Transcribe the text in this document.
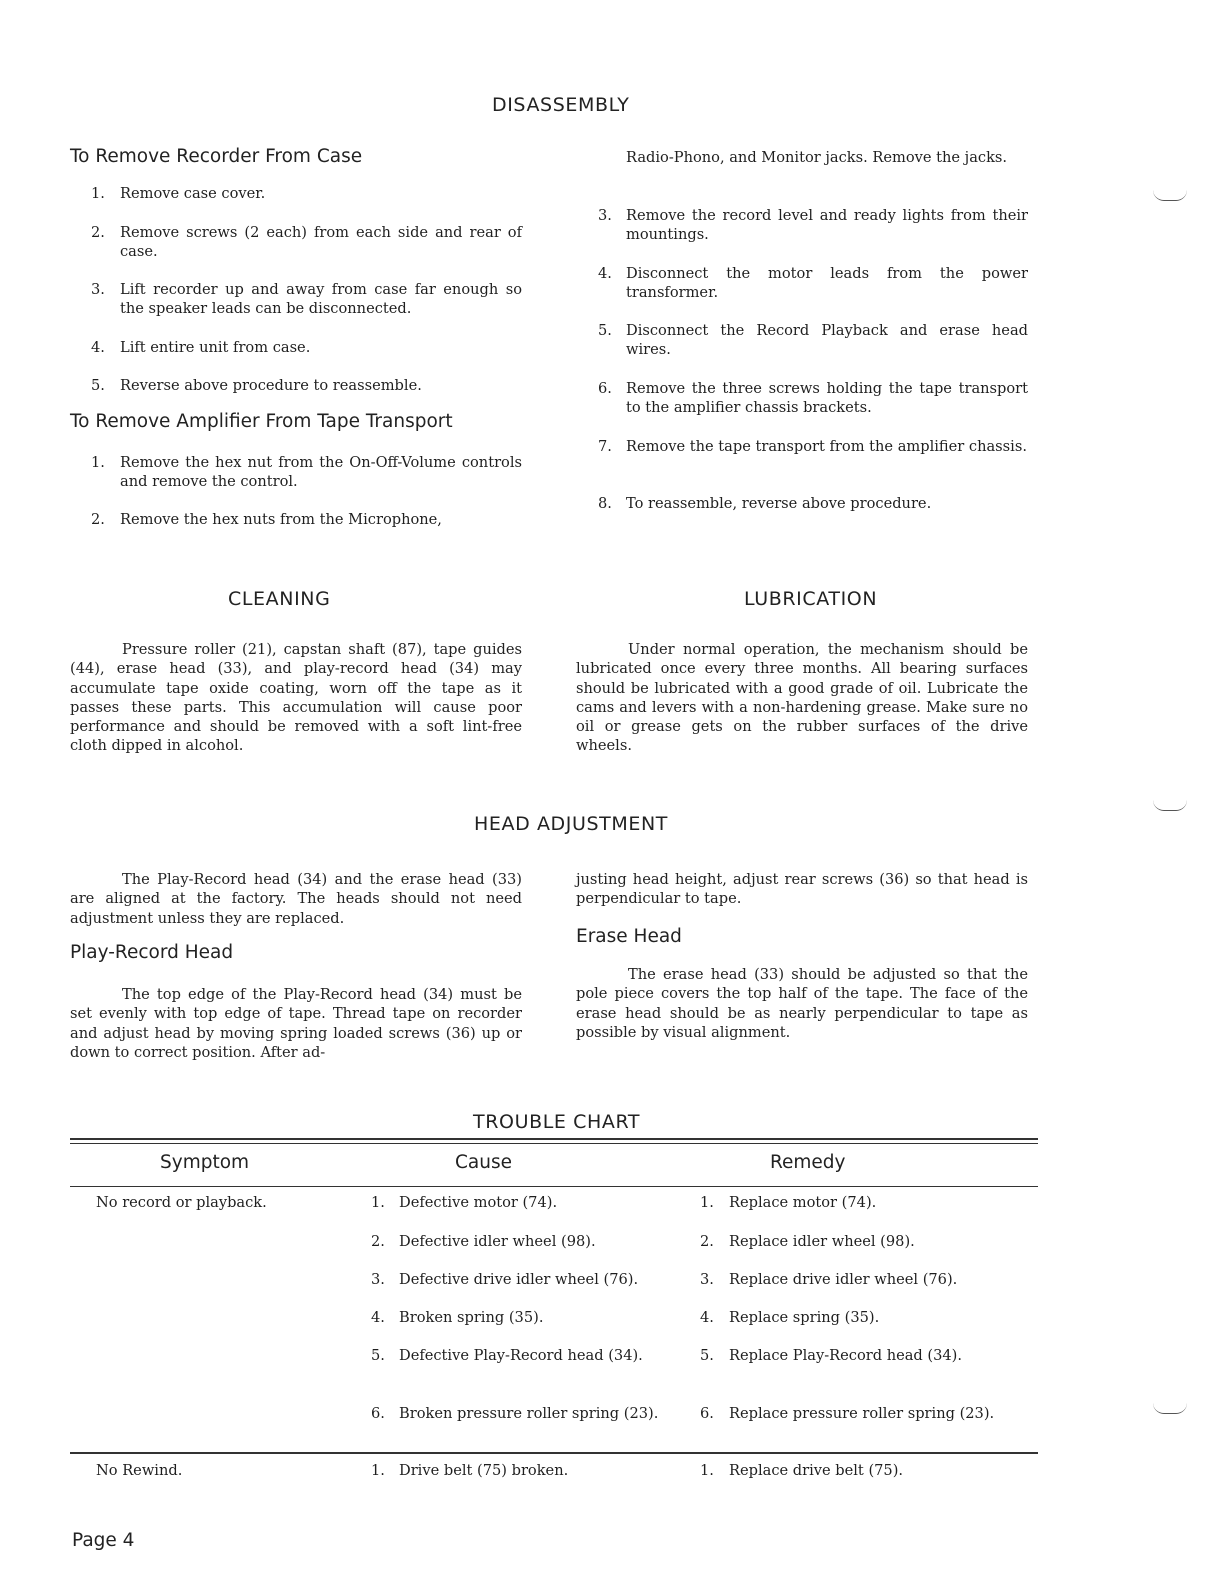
DISASSEMBLY
To Remove Recorder From Case
1.	Remove case cover.
2.	Remove screws (2 each) from each side and rear of case.
3.	Lift recorder up and away from case far enough so the speaker leads can be disconnected.
4.	Lift entire unit from case.
5.	Reverse above procedure to reassemble.
To Remove Amplifier From Tape Transport
1.	Remove the hex nut from the On-Off-Volume controls and remove the control.
2.	Remove the hex nuts from the Microphone,
Radio-Phono, and Monitor jacks. Remove the jacks.
3. Remove the record level and ready lights from their mountings.
4. Disconnect the motor leads from the power transformer.
5. Disconnect the Record Playback and erase head wires.
6. Remove the three screws holding the tape transport to the amplifier chassis brackets.
7. Remove the tape transport from the amplifier chassis.
8. To reassemble, reverse above procedure.
CLEANING
Pressure roller (21), capstan shaft (87), tape guides (44), erase head (33), and play-record head (34) may accumulate tape oxide coating, worn off the tape as it passes these parts. This accumulation will cause poor performance and should be removed with a soft lint-free cloth dipped in alcohol.
LUBRICATION
Under normal operation, the mechanism should be lubricated once every three months. All bearing surfaces should be lubricated with a good grade of oil. Lubricate the cams and levers with a non-hardening grease. Make sure no oil or grease gets on the rubber surfaces of the drive wheels.
HEAD ADJUSTMENT
The Play-Record head (34) and the erase head (33) are aligned at the factory. The heads should not need adjustment unless they are replaced.
Play-Record Head
The top edge of the Play-Record head (34) must be set evenly with top edge of tape. Thread tape on recorder and adjust head by moving spring loaded screws (36) up or down to correct position. After ad-
justing head height, adjust rear screws (36) so that head is perpendicular to tape.
Erase Head
The erase head (33) should be adjusted so that the pole piece covers the top half of the tape. The face of the erase head should be as nearly perpendicular to tape as possible by visual alignment.
TROUBLE CHART
Symptom	Cause	Remedy
No record or playback.	1. Defective motor (74).	1. Replace motor (74).
2. Defective idler wheel (98).	2. Replace idler wheel (98).
3. Defective drive idler wheel (76).	3. Replace drive idler wheel (76).
4. Broken spring (35).	4. Replace spring (35).
5. Defective Play-Record head (34).	5. Replace Play-Record head (34).
6. Broken pressure roller spring (23).	6. Replace pressure roller spring (23).
No Rewind.	1. Drive belt (75) broken.	1. Replace drive belt (75).
Page 4
